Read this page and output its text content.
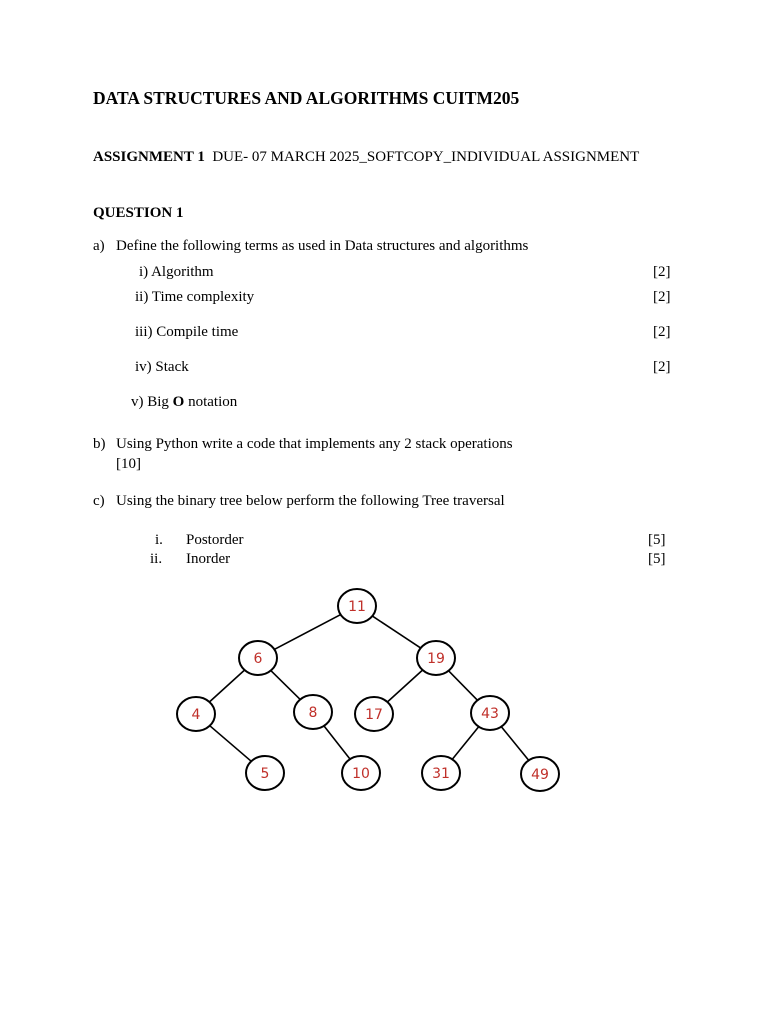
DATA STRUCTURES AND ALGORITHMS CUITM205
ASSIGNMENT 1 DUE- 07 MARCH 2025_SOFTCOPY_INDIVIDUAL ASSIGNMENT
QUESTION 1
a) Define the following terms as used in Data structures and algorithms
i) Algorithm	[2]
ii) Time complexity	[2]
iii) Compile time	[2]
iv) Stack	[2]
v) Big O notation
b) Using Python write a code that implements any 2 stack operations
[10]
c) Using the binary tree below perform the following Tree traversal
i. Postorder	[5]
ii. Inorder	[5]
11
6	19
4	8	17	43
5	10	31	49
